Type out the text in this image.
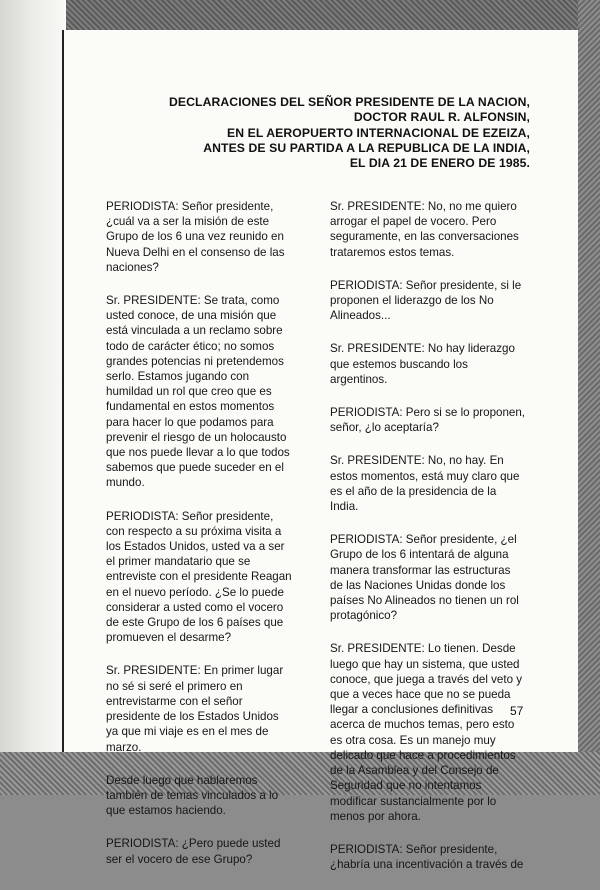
DECLARACIONES DEL SEÑOR PRESIDENTE DE LA NACION,
DOCTOR RAUL R. ALFONSIN,
EN EL AEROPUERTO INTERNACIONAL DE EZEIZA,
ANTES DE SU PARTIDA A LA REPUBLICA DE LA INDIA,
EL DIA 21 DE ENERO DE 1985.

PERIODISTA: Señor presidente, ¿cuál va a ser la misión de este Grupo de los 6 una vez reunido en Nueva Delhi en el consenso de las naciones?

Sr. PRESIDENTE: Se trata, como usted conoce, de una misión que está vinculada a un reclamo sobre todo de carácter ético; no somos grandes potencias ni pretendemos serlo. Estamos jugando con humildad un rol que creo que es fundamental en estos momentos para hacer lo que podamos para prevenir el riesgo de un holocausto que nos puede llevar a lo que todos sabemos que puede suceder en el mundo.

PERIODISTA: Señor presidente, con respecto a su próxima visita a los Estados Unidos, usted va a ser el primer mandatario que se entreviste con el presidente Reagan en el nuevo período. ¿Se lo puede considerar a usted como el vocero de este Grupo de los 6 países que promueven el desarme?

Sr. PRESIDENTE: En primer lugar no sé si seré el primero en entrevistarme con el señor presidente de los Estados Unidos ya que mi viaje es en el mes de marzo.

Desde luego que hablaremos también de temas vinculados a lo que estamos haciendo.

PERIODISTA: ¿Pero puede usted ser el vocero de ese Grupo?

Sr. PRESIDENTE: No, no me quiero arrogar el papel de vocero. Pero seguramente, en las conversaciones trataremos estos temas.

PERIODISTA: Señor presidente, si le proponen el liderazgo de los No Alineados...

Sr. PRESIDENTE: No hay liderazgo que estemos buscando los argentinos.

PERIODISTA: Pero si se lo proponen, señor, ¿lo aceptaría?

Sr. PRESIDENTE: No, no hay. En estos momentos, está muy claro que es el año de la presidencia de la India.

PERIODISTA: Señor presidente, ¿el Grupo de los 6 intentará de alguna manera transformar las estructuras de las Naciones Unidas donde los países No Alineados no tienen un rol protagónico?

Sr. PRESIDENTE: Lo tienen. Desde luego que hay un sistema, que usted conoce, que juega a través del veto y que a veces hace que no se pueda llegar a conclusiones definitivas acerca de muchos temas, pero esto es otra cosa. Es un manejo muy delicado que hace a procedimientos de la Asamblea y del Consejo de Seguridad que no intentamos modificar sustancialmente por lo menos por ahora.

PERIODISTA: Señor presidente, ¿habría una incentivación a través de

57
